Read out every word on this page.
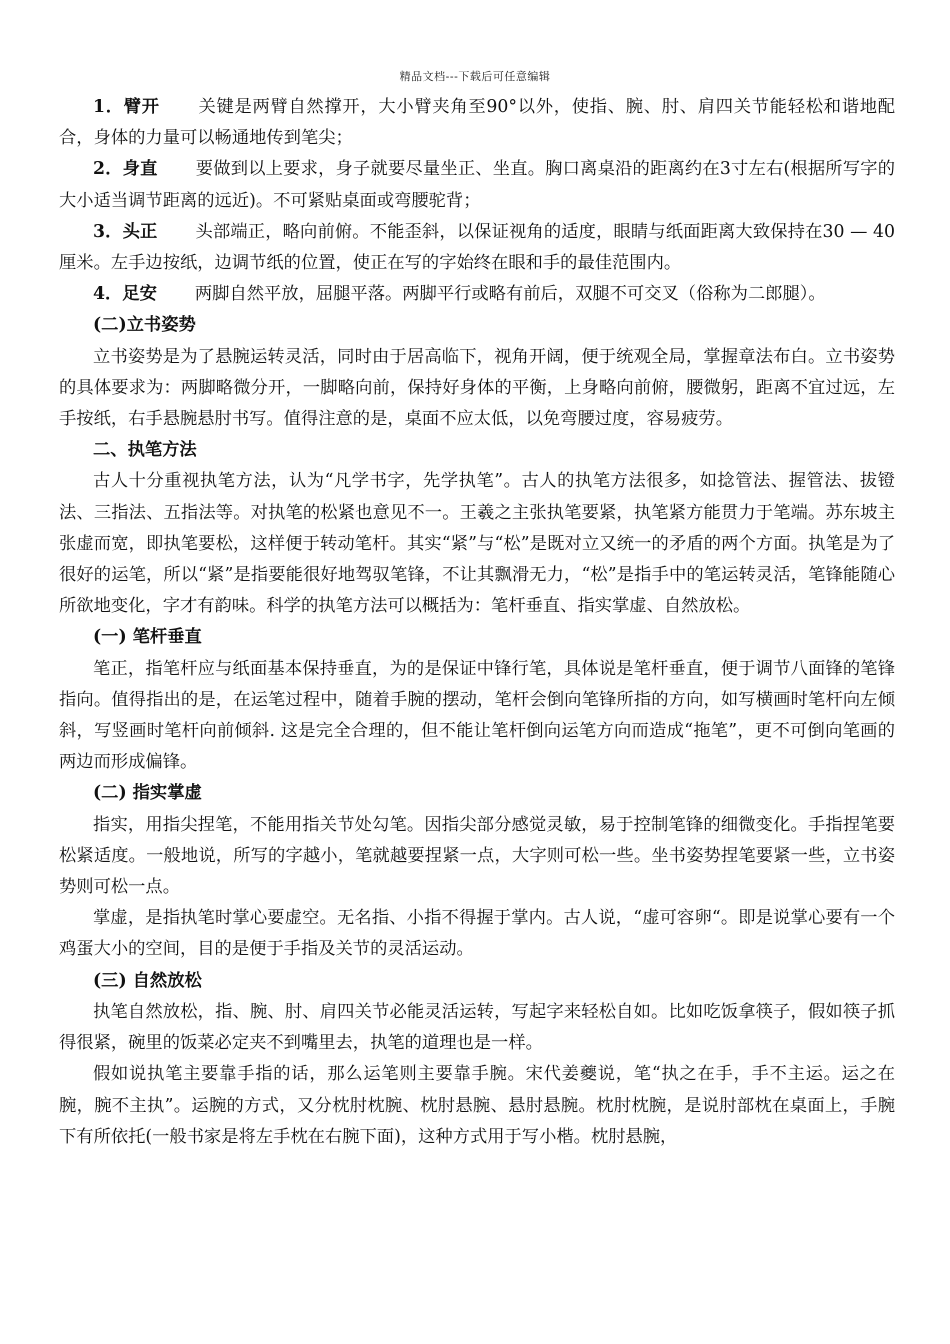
精品文档---下载后可任意编辑

1．臂开 关键是两臂自然撑开，大小臂夹角至90°以外，使指、腕、肘、肩四关节能轻松和谐地配合，身体的力量可以畅通地传到笔尖；

2．身直 要做到以上要求，身子就要尽量坐正、坐直。胸口离桌沿的距离约在3寸左右(根据所写字的大小适当调节距离的远近)。不可紧贴桌面或弯腰驼背；

3．头正 头部端正，略向前俯。不能歪斜，以保证视角的适度，眼睛与纸面距离大致保持在30 — 40厘米。左手边按纸，边调节纸的位置，使正在写的字始终在眼和手的最佳范围内。

4．足安 两脚自然平放，屈腿平落。两脚平行或略有前后，双腿不可交叉（俗称为二郎腿）。

(二)立书姿势

立书姿势是为了悬腕运转灵活，同时由于居高临下，视角开阔，便于统观全局，掌握章法布白。立书姿势的具体要求为：两脚略微分开，一脚略向前，保持好身体的平衡，上身略向前俯，腰微躬，距离不宜过远，左手按纸，右手悬腕悬肘书写。值得注意的是，桌面不应太低，以免弯腰过度，容易疲劳。

二、执笔方法

古人十分重视执笔方法，认为“凡学书字，先学执笔”。古人的执笔方法很多，如捻管法、握管法、拔镫法、三指法、五指法等。对执笔的松紧也意见不一。王羲之主张执笔要紧，执笔紧方能贯力于笔端。苏东坡主张虚而宽，即执笔要松，这样便于转动笔杆。其实“紧”与“松”是既对立又统一的矛盾的两个方面。执笔是为了很好的运笔，所以“紧”是指要能很好地驾驭笔锋，不让其飘滑无力，“松”是指手中的笔运转灵活，笔锋能随心所欲地变化，字才有韵味。科学的执笔方法可以概括为：笔杆垂直、指实掌虚、自然放松。

(一) 笔杆垂直

笔正，指笔杆应与纸面基本保持垂直，为的是保证中锋行笔，具体说是笔杆垂直，便于调节八面锋的笔锋指向。值得指出的是，在运笔过程中，随着手腕的摆动，笔杆会倒向笔锋所指的方向，如写横画时笔杆向左倾斜，写竖画时笔杆向前倾斜. 这是完全合理的，但不能让笔杆倒向运笔方向而造成“拖笔”，更不可倒向笔画的两边而形成偏锋。

(二) 指实掌虚

指实，用指尖捏笔，不能用指关节处勾笔。因指尖部分感觉灵敏，易于控制笔锋的细微变化。手指捏笔要松紧适度。一般地说，所写的字越小，笔就越要捏紧一点，大字则可松一些。坐书姿势捏笔要紧一些，立书姿势则可松一点。

掌虚，是指执笔时掌心要虚空。无名指、小指不得握于掌内。古人说，“虚可容卵“。即是说掌心要有一个鸡蛋大小的空间，目的是便于手指及关节的灵活运动。

(三) 自然放松

执笔自然放松，指、腕、肘、肩四关节必能灵活运转，写起字来轻松自如。比如吃饭拿筷子，假如筷子抓得很紧，碗里的饭菜必定夹不到嘴里去，执笔的道理也是一样。

假如说执笔主要靠手指的话，那么运笔则主要靠手腕。宋代姜夔说，笔“执之在手，手不主运。运之在腕，腕不主执”。运腕的方式，又分枕肘枕腕、枕肘悬腕、悬肘悬腕。枕肘枕腕，是说肘部枕在桌面上，手腕下有所依托(一般书家是将左手枕在右腕下面)，这种方式用于写小楷。枕肘悬腕，
